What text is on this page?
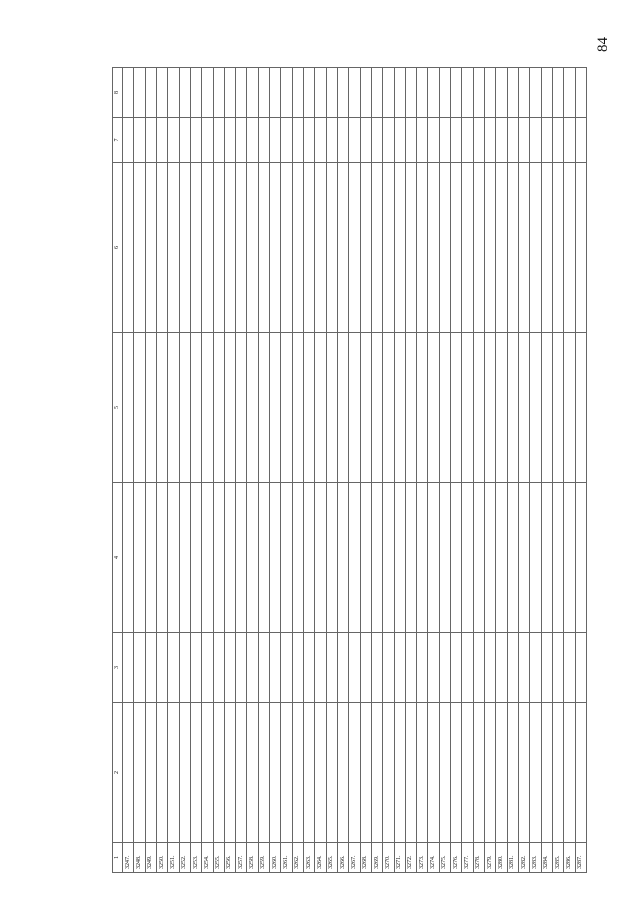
84
1	2	3	4	5	6	7	8
3247.							
3248.							
3249.							
3250.							
3251.							
3252.							
3253.							
3254.							
3255.							
3256.							
3257.							
3258.							
3259.							
3260.							
3261.							
3262.							
3263.							
3264.							
3265.							
3266.							
3267.							
3268.							
3269.							
3270.							
3271.							
3272.							
3273.							
3274.							
3275.							
3276.							
3277.							
3278.							
3279.							
3280.							
3281.							
3282.							
3283.							
3284.							
3285.							
3286.							
3287.							
